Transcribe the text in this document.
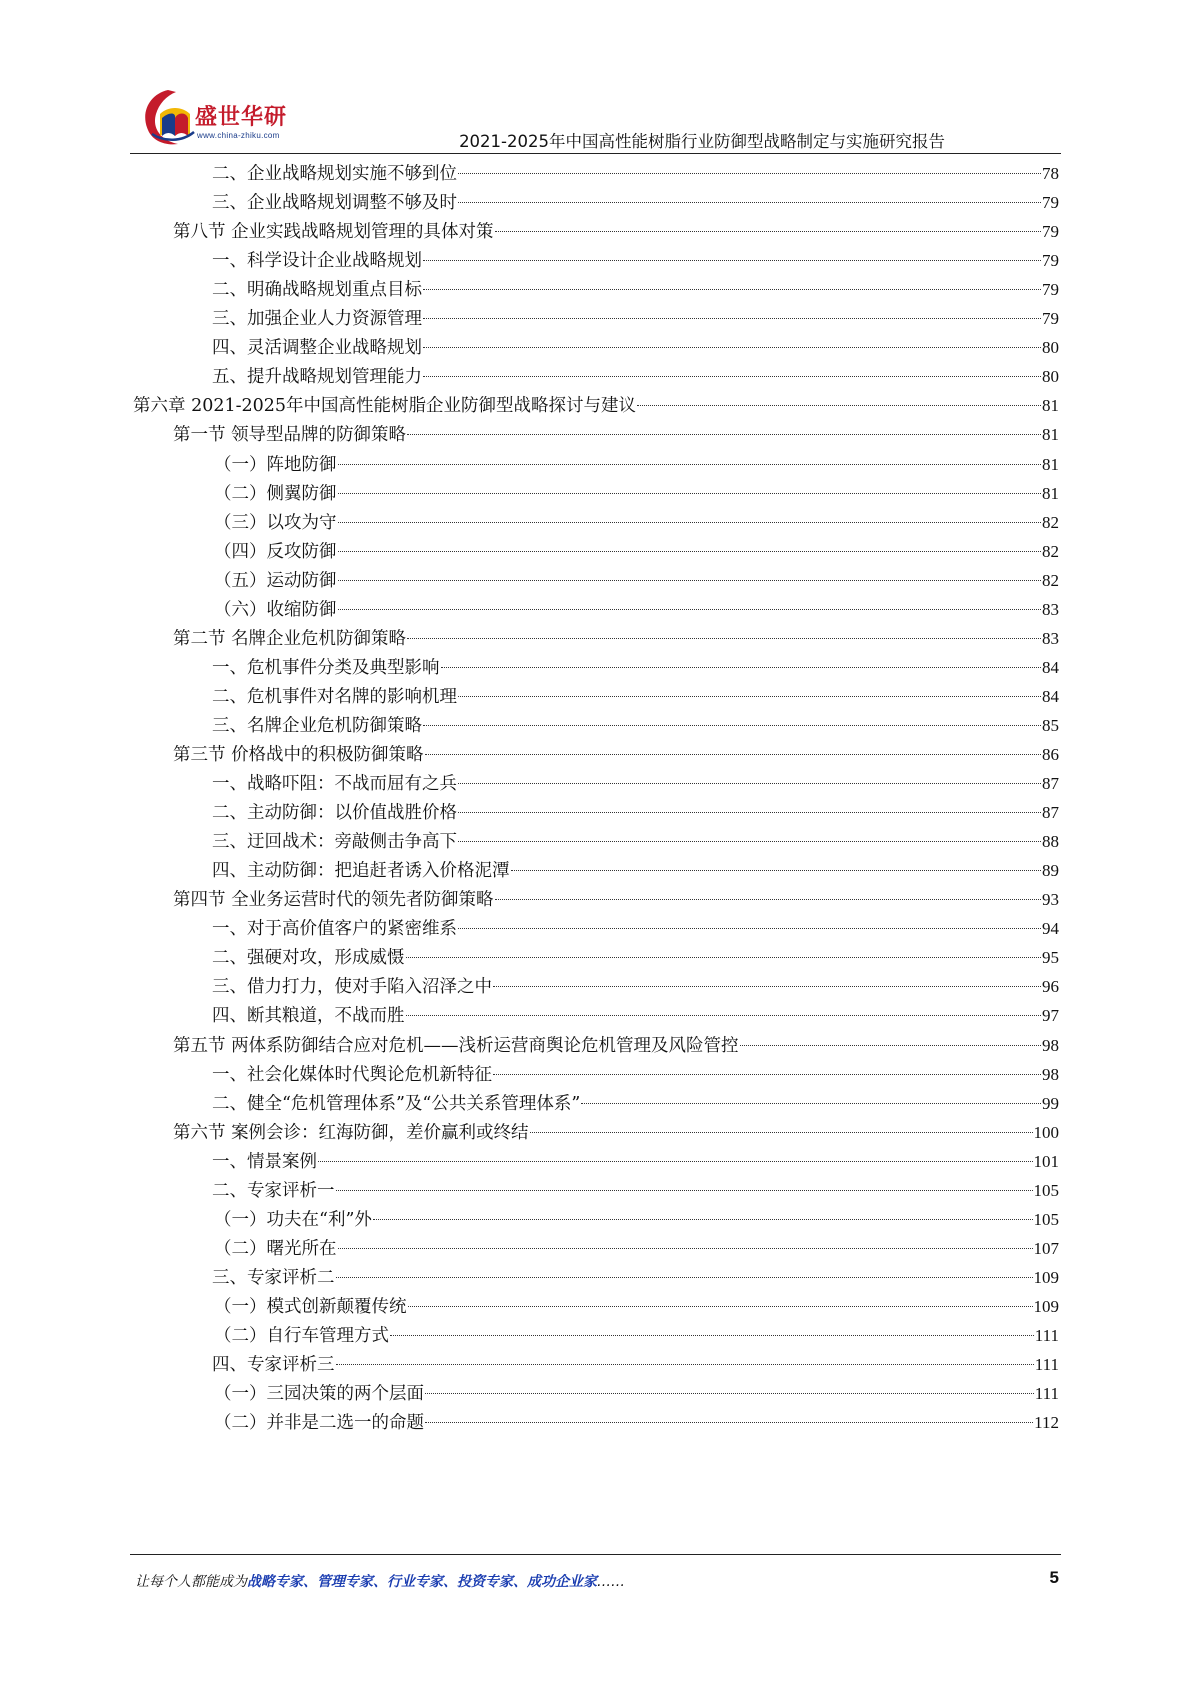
盛世华研
www.china-zhiku.com	2021-2025年中国高性能树脂行业防御型战略制定与实施研究报告
二、企业战略规划实施不够到位	78
三、企业战略规划调整不够及时	79
第八节 企业实践战略规划管理的具体对策	79
一、科学设计企业战略规划	79
二、明确战略规划重点目标	79
三、加强企业人力资源管理	79
四、灵活调整企业战略规划	80
五、提升战略规划管理能力	80
第六章 2021-2025年中国高性能树脂企业防御型战略探讨与建议	81
第一节 领导型品牌的防御策略	81
（一）阵地防御	81
（二）侧翼防御	81
（三）以攻为守	82
（四）反攻防御	82
（五）运动防御	82
（六）收缩防御	83
第二节 名牌企业危机防御策略	83
一、危机事件分类及典型影响	84
二、危机事件对名牌的影响机理	84
三、名牌企业危机防御策略	85
第三节 价格战中的积极防御策略	86
一、战略吓阻：不战而屈有之兵	87
二、主动防御：以价值战胜价格	87
三、迂回战术：旁敲侧击争高下	88
四、主动防御：把追赶者诱入价格泥潭	89
第四节 全业务运营时代的领先者防御策略	93
一、对于高价值客户的紧密维系	94
二、强硬对攻，形成威慑	95
三、借力打力，使对手陷入沼泽之中	96
四、断其粮道，不战而胜	97
第五节 两体系防御结合应对危机——浅析运营商舆论危机管理及风险管控	98
一、社会化媒体时代舆论危机新特征	98
二、健全“危机管理体系”及“公共关系管理体系”	99
第六节 案例会诊：红海防御，差价赢利或终结	100
一、情景案例	101
二、专家评析一	105
（一）功夫在“利”外	105
（二）曙光所在	107
三、专家评析二	109
（一）模式创新颠覆传统	109
（二）自行车管理方式	111
四、专家评析三	111
（一）三园决策的两个层面	111
（二）并非是二选一的命题	112
让每个人都能成为战略专家、管理专家、行业专家、投资专家、成功企业家……	5
